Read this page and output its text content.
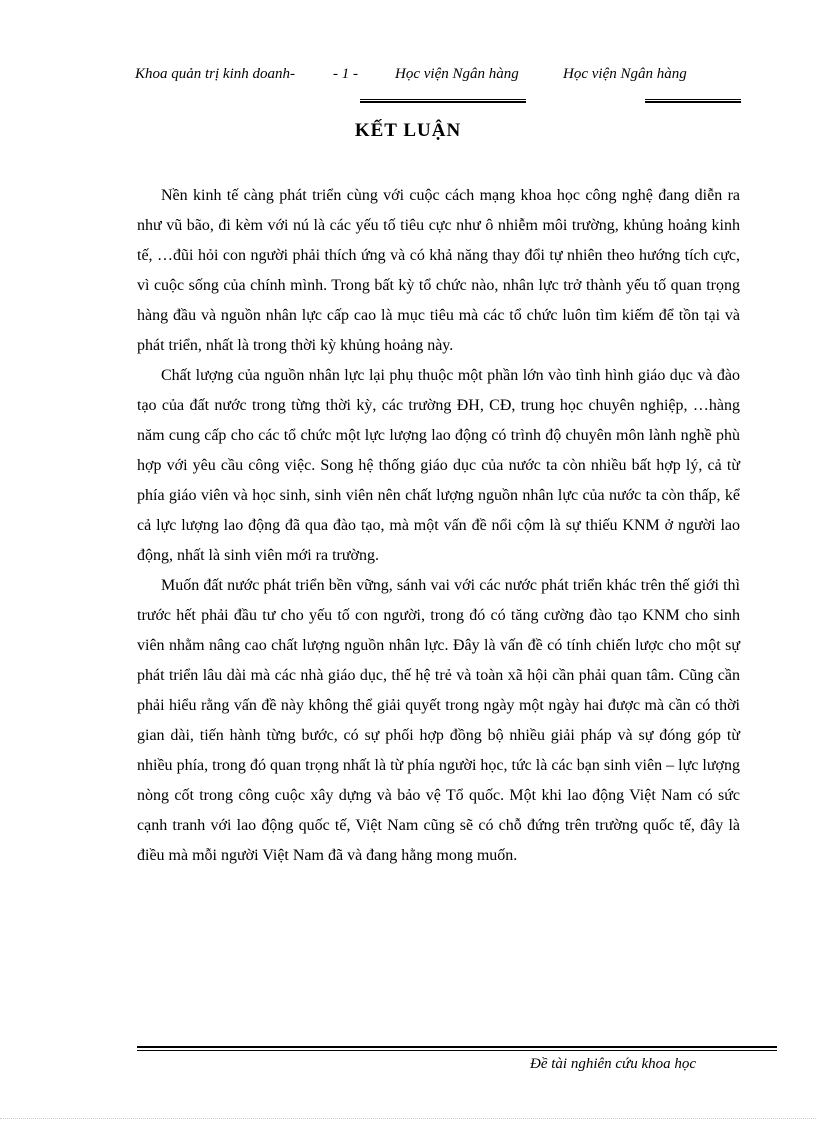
Khoa quản trị kinh doanh-	- 1 - Học viện Ngân hàng	Học viện Ngân hàng
KẾT LUẬN

Nền kinh tế càng phát triển cùng với cuộc cách mạng khoa học công nghệ đang diễn ra như vũ bão, đi kèm với nú là các yếu tố tiêu cực như ô nhiễm môi trường, khủng hoảng kinh tế, …đũi hỏi con người phải thích ứng và có khả năng thay đổi tự nhiên theo hướng tích cực, vì cuộc sống của chính mình. Trong bất kỳ tổ chức nào, nhân lực trở thành yếu tố quan trọng hàng đầu và nguồn nhân lực cấp cao là mục tiêu mà các tổ chức luôn tìm kiếm để tồn tại và phát triển, nhất là trong thời kỳ khủng hoảng này.

Chất lượng của nguồn nhân lực lại phụ thuộc một phần lớn vào tình hình giáo dục và đào tạo của đất nước trong từng thời kỳ, các trường ĐH, CĐ, trung học chuyên nghiệp, …hàng năm cung cấp cho các tổ chức một lực lượng lao động có trình độ chuyên môn lành nghề phù hợp với yêu cầu công việc. Song hệ thống giáo dục của nước ta còn nhiều bất hợp lý, cả từ phía giáo viên và học sinh, sinh viên nên chất lượng nguồn nhân lực của nước ta còn thấp, kể cả lực lượng lao động đã qua đào tạo, mà một vấn đề nổi cộm là sự thiếu KNM ở người lao động, nhất là sinh viên mới ra trường.

Muốn đất nước phát triển bền vững, sánh vai với các nước phát triển khác trên thế giới thì trước hết phải đầu tư cho yếu tố con người, trong đó có tăng cường đào tạo KNM cho sinh viên nhằm nâng cao chất lượng nguồn nhân lực. Đây là vấn đề có tính chiến lược cho một sự phát triển lâu dài mà các nhà giáo dục, thế hệ trẻ và toàn xã hội cần phải quan tâm. Cũng cần phải hiểu rằng vấn đề này không thể giải quyết trong ngày một ngày hai được mà cần có thời gian dài, tiến hành từng bước, có sự phối hợp đồng bộ nhiều giải pháp và sự đóng góp từ nhiều phía, trong đó quan trọng nhất là từ phía người học, tức là các bạn sinh viên – lực lượng nòng cốt trong công cuộc xây dựng và bảo vệ Tổ quốc. Một khi lao động Việt Nam có sức cạnh tranh với lao động quốc tế, Việt Nam cũng sẽ có chỗ đứng trên trường quốc tế, đây là điều mà mỗi người Việt Nam đã và đang hằng mong muốn.

Đề tài nghiên cứu khoa học
